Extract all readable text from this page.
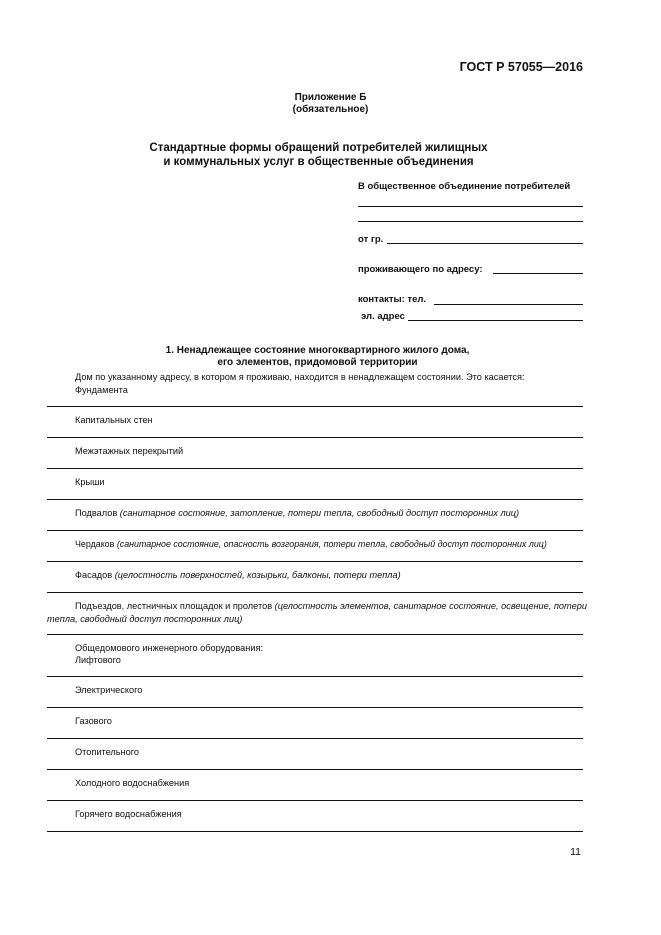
ГОСТ Р 57055—2016
Приложение Б
(обязательное)
Стандартные формы обращений потребителей жилищных
и коммунальных услуг в общественные объединения
В общественное объединение потребителей
от гр.
проживающего по адресу:
контакты: тел.
эл. адрес
1. Ненадлежащее состояние многоквартирного жилого дома,
его элементов, придомовой территории
Дом по указанному адресу, в котором я проживаю, находится в ненадлежащем состоянии. Это касается:
Фундамента
Капитальных стен
Межэтажных перекрытий
Крыши
Подвалов (санитарное состояние, затопление, потери тепла, свободный доступ посторонних лиц)
Чердаков (санитарное состояние, опасность возгорания, потери тепла, свободный доступ посторонних лиц)
Фасадов (целостность поверхностей, козырьки, балконы, потери тепла)
Подъездов, лестничных площадок и пролетов (целостность элементов, санитарное состояние, освещение, потери тепла, свободный доступ посторонних лиц)
Общедомового инженерного оборудования:
Лифтового
Электрического
Газового
Отопительного
Холодного водоснабжения
Горячего водоснабжения
11
